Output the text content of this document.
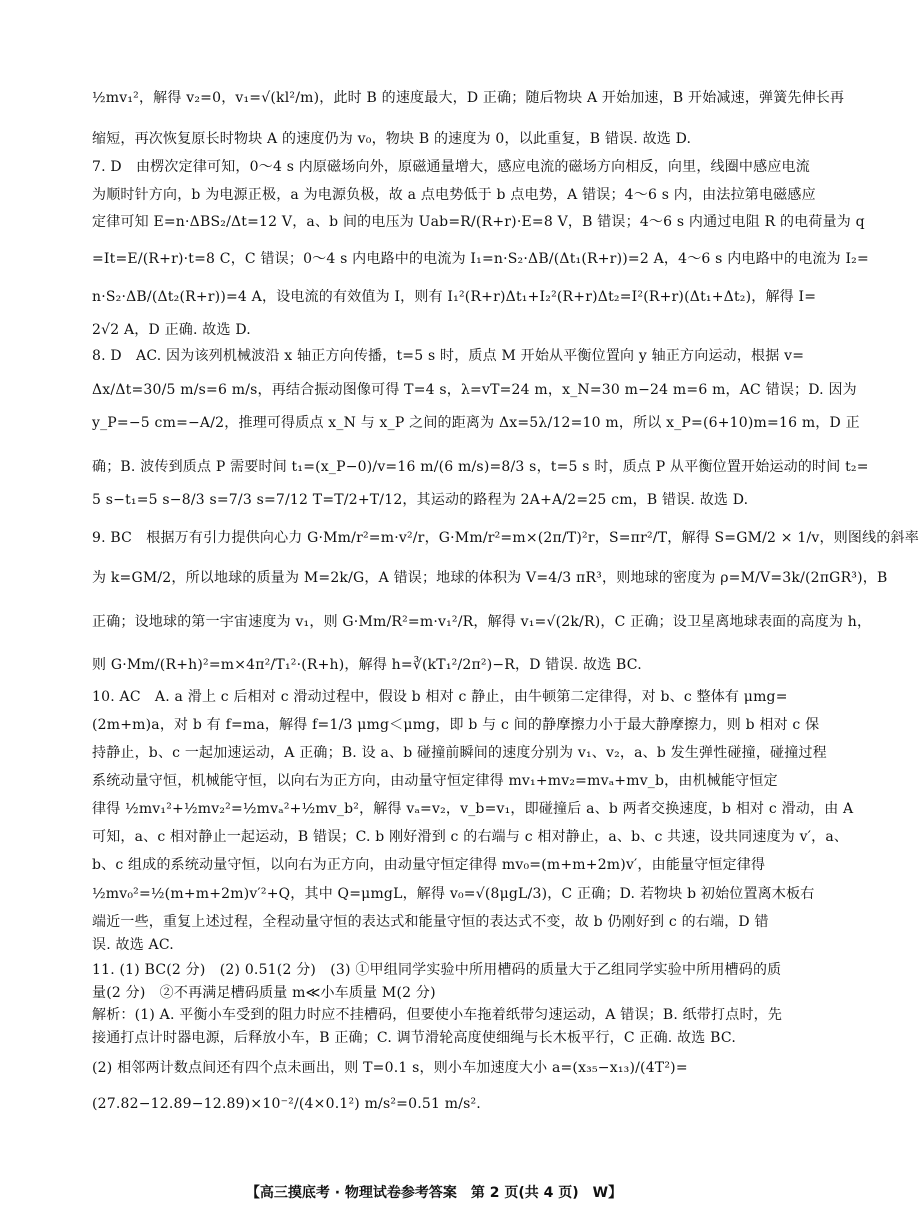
½mv₁²，解得 v₂=0，v₁=√(kl²/m)，此时 B 的速度最大，D 正确；随后物块 A 开始加速，B 开始减速，弹簧先伸长再
缩短，再次恢复原长时物块 A 的速度仍为 v₀，物块 B 的速度为 0，以此重复，B 错误. 故选 D.
7. D　由楞次定律可知，0～4 s 内原磁场向外，原磁通量增大，感应电流的磁场方向相反，向里，线圈中感应电流
为顺时针方向，b 为电源正极，a 为电源负极，故 a 点电势低于 b 点电势，A 错误；4～6 s 内，由法拉第电磁感应
定律可知 E=n·ΔBS₂/Δt=12 V，a、b 间的电压为 Uab=R/(R+r)·E=8 V，B 错误；4～6 s 内通过电阻 R 的电荷量为 q
=It=E/(R+r)·t=8 C，C 错误；0～4 s 内电路中的电流为 I₁=n·S₂·ΔB/(Δt₁(R+r))=2 A，4～6 s 内电路中的电流为 I₂=
n·S₂·ΔB/(Δt₂(R+r))=4 A，设电流的有效值为 I，则有 I₁²(R+r)Δt₁+I₂²(R+r)Δt₂=I²(R+r)(Δt₁+Δt₂)，解得 I=
2√2 A，D 正确. 故选 D.
8. D　AC. 因为该列机械波沿 x 轴正方向传播，t=5 s 时，质点 M 开始从平衡位置向 y 轴正方向运动，根据 v=
Δx/Δt=30/5 m/s=6 m/s，再结合振动图像可得 T=4 s，λ=vT=24 m，x_N=30 m−24 m=6 m，AC 错误；D. 因为
y_P=−5 cm=−A/2，推理可得质点 x_N 与 x_P 之间的距离为 Δx=5λ/12=10 m，所以 x_P=(6+10)m=16 m，D 正
确；B. 波传到质点 P 需要时间 t₁=(x_P−0)/v=16 m/(6 m/s)=8/3 s，t=5 s 时，质点 P 从平衡位置开始运动的时间 t₂=
5 s−t₁=5 s−8/3 s=7/3 s=7/12 T=T/2+T/12，其运动的路程为 2A+A/2=25 cm，B 错误. 故选 D.
9. BC　根据万有引力提供向心力 G·Mm/r²=m·v²/r，G·Mm/r²=m×(2π/T)²r，S=πr²/T，解得 S=GM/2 × 1/v，则图线的斜率
为 k=GM/2，所以地球的质量为 M=2k/G，A 错误；地球的体积为 V=4/3 πR³，则地球的密度为 ρ=M/V=3k/(2πGR³)，B
正确；设地球的第一宇宙速度为 v₁，则 G·Mm/R²=m·v₁²/R，解得 v₁=√(2k/R)，C 正确；设卫星离地球表面的高度为 h，
则 G·Mm/(R+h)²=m×4π²/T₁²·(R+h)，解得 h=∛(kT₁²/2π²)−R，D 错误. 故选 BC.
10. AC　A. a 滑上 c 后相对 c 滑动过程中，假设 b 相对 c 静止，由牛顿第二定律得，对 b、c 整体有 μmg=
(2m+m)a，对 b 有 f=ma，解得 f=1/3 μmg＜μmg，即 b 与 c 间的静摩擦力小于最大静摩擦力，则 b 相对 c 保
持静止，b、c 一起加速运动，A 正确；B. 设 a、b 碰撞前瞬间的速度分别为 v₁、v₂，a、b 发生弹性碰撞，碰撞过程
系统动量守恒，机械能守恒，以向右为正方向，由动量守恒定律得 mv₁+mv₂=mvₐ+mv_b，由机械能守恒定
律得 ½mv₁²+½mv₂²=½mvₐ²+½mv_b²，解得 vₐ=v₂，v_b=v₁，即碰撞后 a、b 两者交换速度，b 相对 c 滑动，由 A
可知，a、c 相对静止一起运动，B 错误；C. b 刚好滑到 c 的右端与 c 相对静止，a、b、c 共速，设共同速度为 v′，a、
b、c 组成的系统动量守恒，以向右为正方向，由动量守恒定律得 mv₀=(m+m+2m)v′，由能量守恒定律得
½mv₀²=½(m+m+2m)v′²+Q，其中 Q=μmgL，解得 v₀=√(8μgL/3)，C 正确；D. 若物块 b 初始位置离木板右
端近一些，重复上述过程，全程动量守恒的表达式和能量守恒的表达式不变，故 b 仍刚好到 c 的右端，D 错
误. 故选 AC.
11. (1) BC(2 分)　(2) 0.51(2 分)　(3) ①甲组同学实验中所用槽码的质量大于乙组同学实验中所用槽码的质
量(2 分)　②不再满足槽码质量 m≪小车质量 M(2 分)
解析：(1) A. 平衡小车受到的阻力时应不挂槽码，但要使小车拖着纸带匀速运动，A 错误；B. 纸带打点时，先
接通打点计时器电源，后释放小车，B 正确；C. 调节滑轮高度使细绳与长木板平行，C 正确. 故选 BC.
(2) 相邻两计数点间还有四个点未画出，则 T=0.1 s，则小车加速度大小 a=(x₃₅−x₁₃)/(4T²)=
(27.82−12.89−12.89)×10⁻²/(4×0.1²) m/s²=0.51 m/s².
【高三摸底考 · 物理试卷参考答案　第 2 页(共 4 页)　W】
